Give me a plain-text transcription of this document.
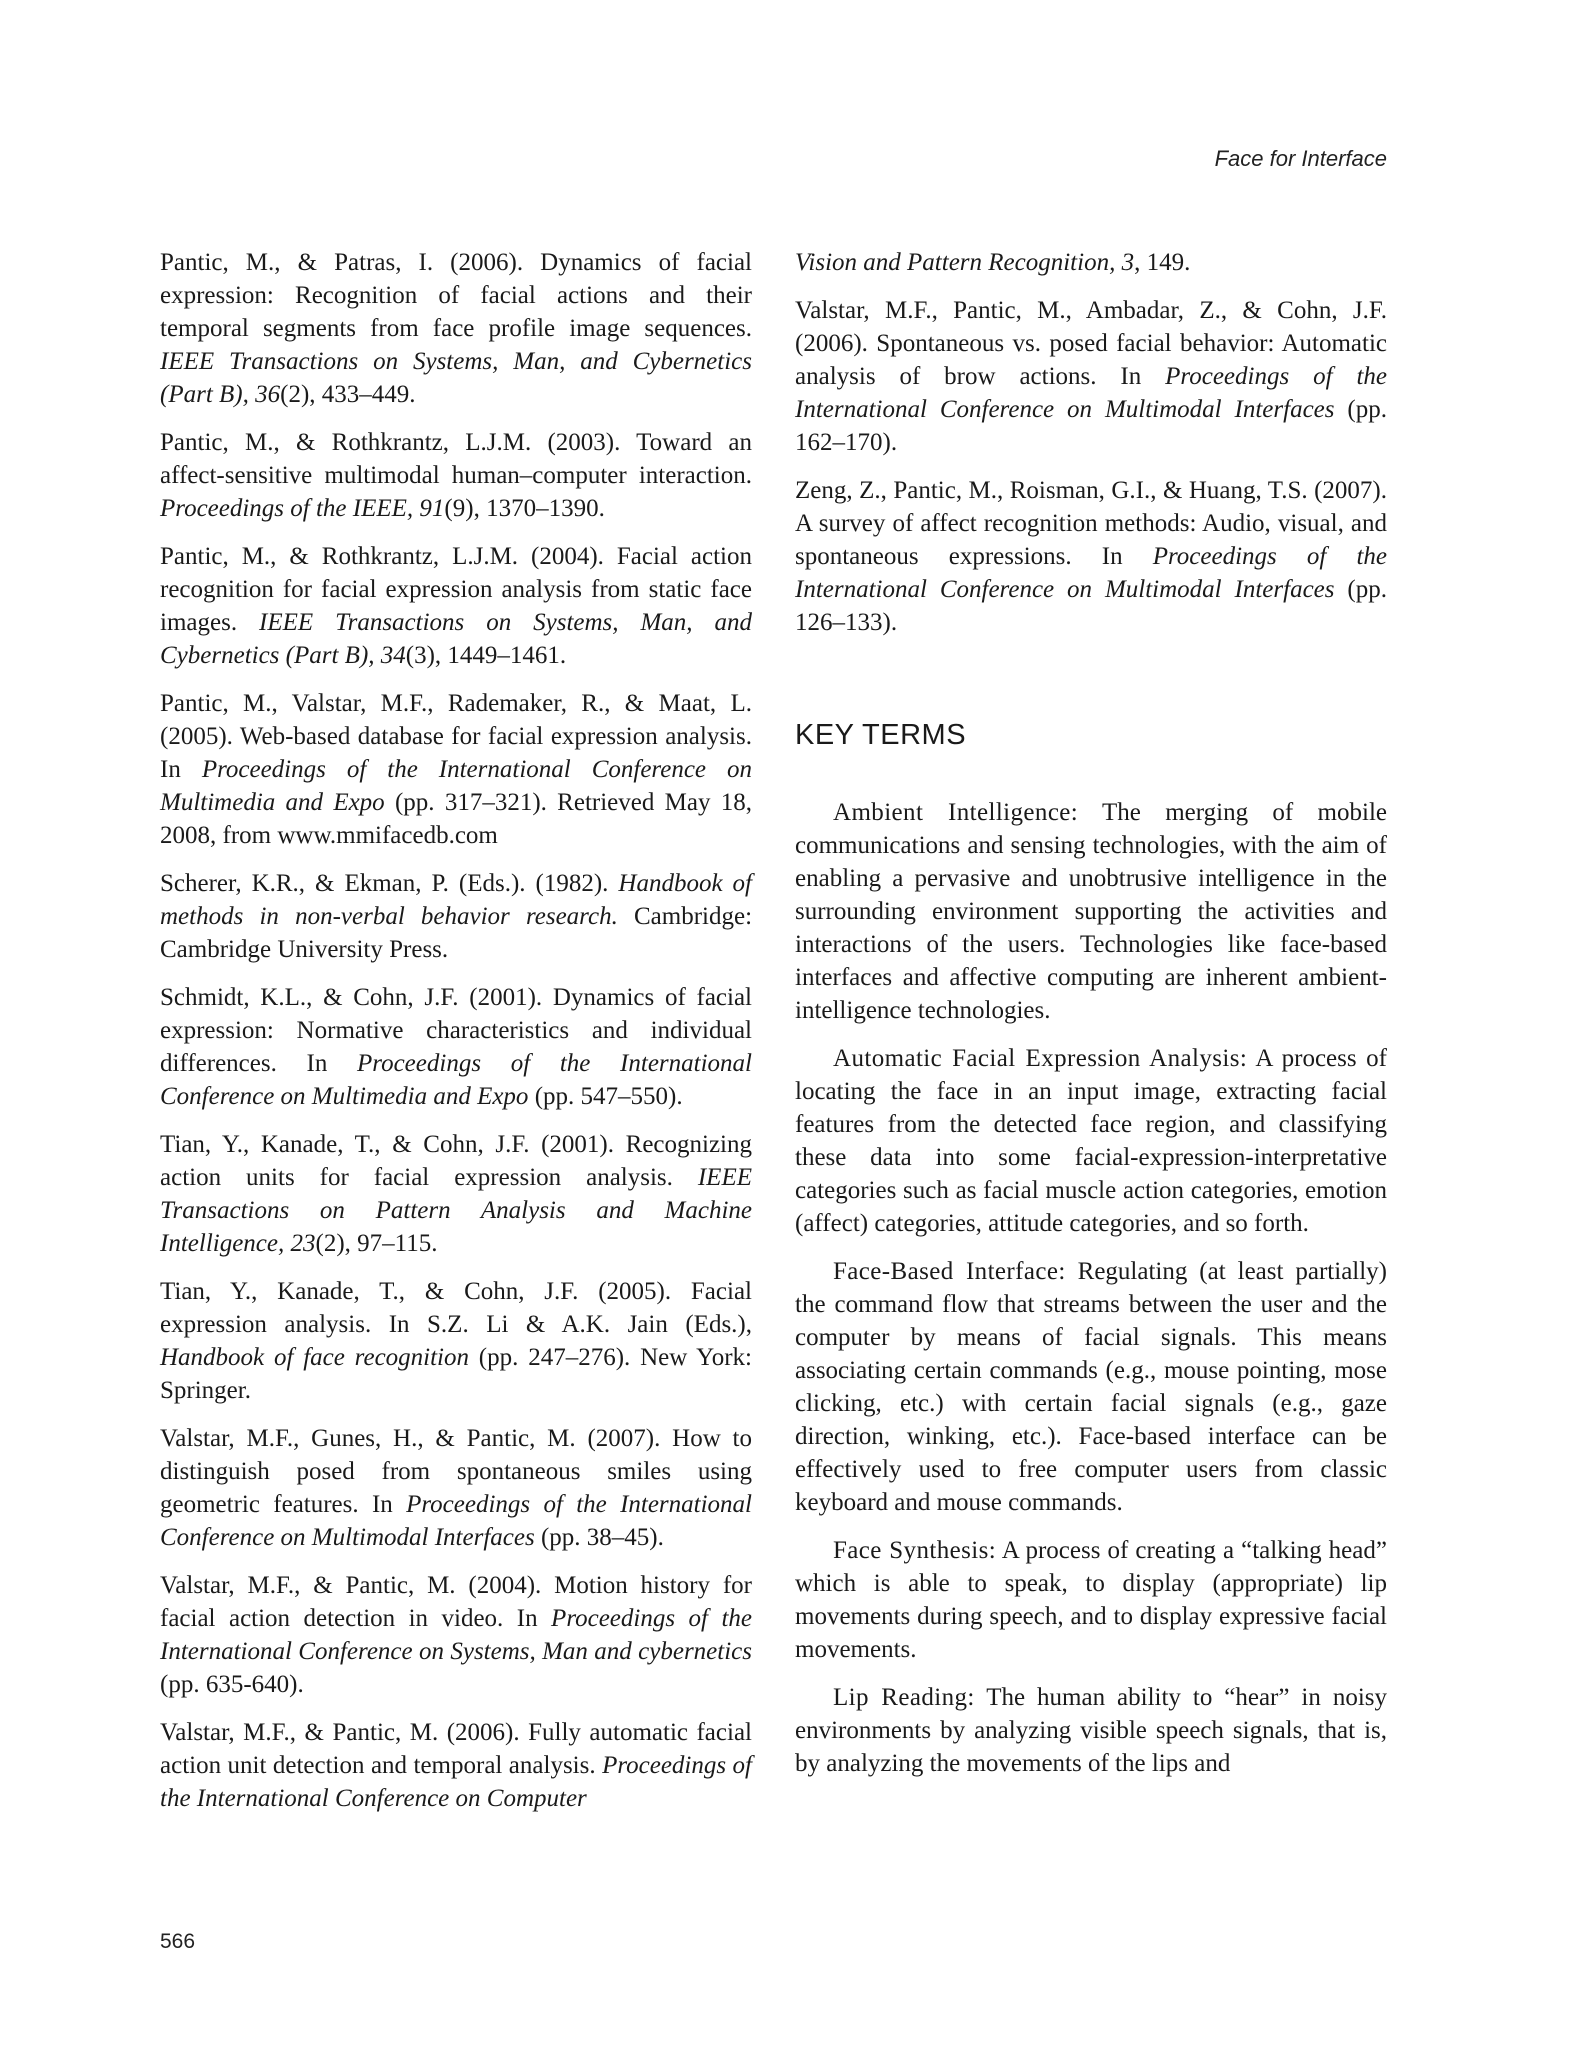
Face for Interface

Pantic, M., & Patras, I. (2006). Dynamics of facial expression: Recognition of facial actions and their temporal segments from face profile image sequences. IEEE Transactions on Systems, Man, and Cybernetics (Part B), 36(2), 433–449.

Pantic, M., & Rothkrantz, L.J.M. (2003). Toward an affect-sensitive multimodal human–computer interaction. Proceedings of the IEEE, 91(9), 1370–1390.

Pantic, M., & Rothkrantz, L.J.M. (2004). Facial action recognition for facial expression analysis from static face images. IEEE Transactions on Systems, Man, and Cybernetics (Part B), 34(3), 1449–1461.

Pantic, M., Valstar, M.F., Rademaker, R., & Maat, L. (2005). Web-based database for facial expression analysis. In Proceedings of the International Conference on Multimedia and Expo (pp. 317–321). Retrieved May 18, 2008, from www.mmifacedb.com

Scherer, K.R., & Ekman, P. (Eds.). (1982). Handbook of methods in non-verbal behavior research. Cambridge: Cambridge University Press.

Schmidt, K.L., & Cohn, J.F. (2001). Dynamics of facial expression: Normative characteristics and individual differences. In Proceedings of the International Conference on Multimedia and Expo (pp. 547–550).

Tian, Y., Kanade, T., & Cohn, J.F. (2001). Recognizing action units for facial expression analysis. IEEE Transactions on Pattern Analysis and Machine Intelligence, 23(2), 97–115.

Tian, Y., Kanade, T., & Cohn, J.F. (2005). Facial expression analysis. In S.Z. Li & A.K. Jain (Eds.), Handbook of face recognition (pp. 247–276). New York: Springer.

Valstar, M.F., Gunes, H., & Pantic, M. (2007). How to distinguish posed from spontaneous smiles using geometric features. In Proceedings of the International Conference on Multimodal Interfaces (pp. 38–45).

Valstar, M.F., & Pantic, M. (2004). Motion history for facial action detection in video. In Proceedings of the International Conference on Systems, Man and cybernetics (pp. 635-640).

Valstar, M.F., & Pantic, M. (2006). Fully automatic facial action unit detection and temporal analysis. Proceedings of the International Conference on Computer

Vision and Pattern Recognition, 3, 149.

Valstar, M.F., Pantic, M., Ambadar, Z., & Cohn, J.F. (2006). Spontaneous vs. posed facial behavior: Automatic analysis of brow actions. In Proceedings of the International Conference on Multimodal Interfaces (pp. 162–170).

Zeng, Z., Pantic, M., Roisman, G.I., & Huang, T.S. (2007). A survey of affect recognition methods: Audio, visual, and spontaneous expressions. In Proceedings of the International Conference on Multimodal Interfaces (pp. 126–133).

KEY TERMS

Ambient Intelligence: The merging of mobile communications and sensing technologies, with the aim of enabling a pervasive and unobtrusive intelligence in the surrounding environment supporting the activities and interactions of the users. Technologies like face-based interfaces and affective computing are inherent ambient-intelligence technologies.

Automatic Facial Expression Analysis: A process of locating the face in an input image, extracting facial features from the detected face region, and classifying these data into some facial-expression-interpretative categories such as facial muscle action categories, emotion (affect) categories, attitude categories, and so forth.

Face-Based Interface: Regulating (at least partially) the command flow that streams between the user and the computer by means of facial signals. This means associating certain commands (e.g., mouse pointing, mose clicking, etc.) with certain facial signals (e.g., gaze direction, winking, etc.). Face-based interface can be effectively used to free computer users from classic keyboard and mouse commands.

Face Synthesis: A process of creating a “talking head” which is able to speak, to display (appropriate) lip movements during speech, and to display expressive facial movements.

Lip Reading: The human ability to “hear” in noisy environments by analyzing visible speech signals, that is, by analyzing the movements of the lips and

566
